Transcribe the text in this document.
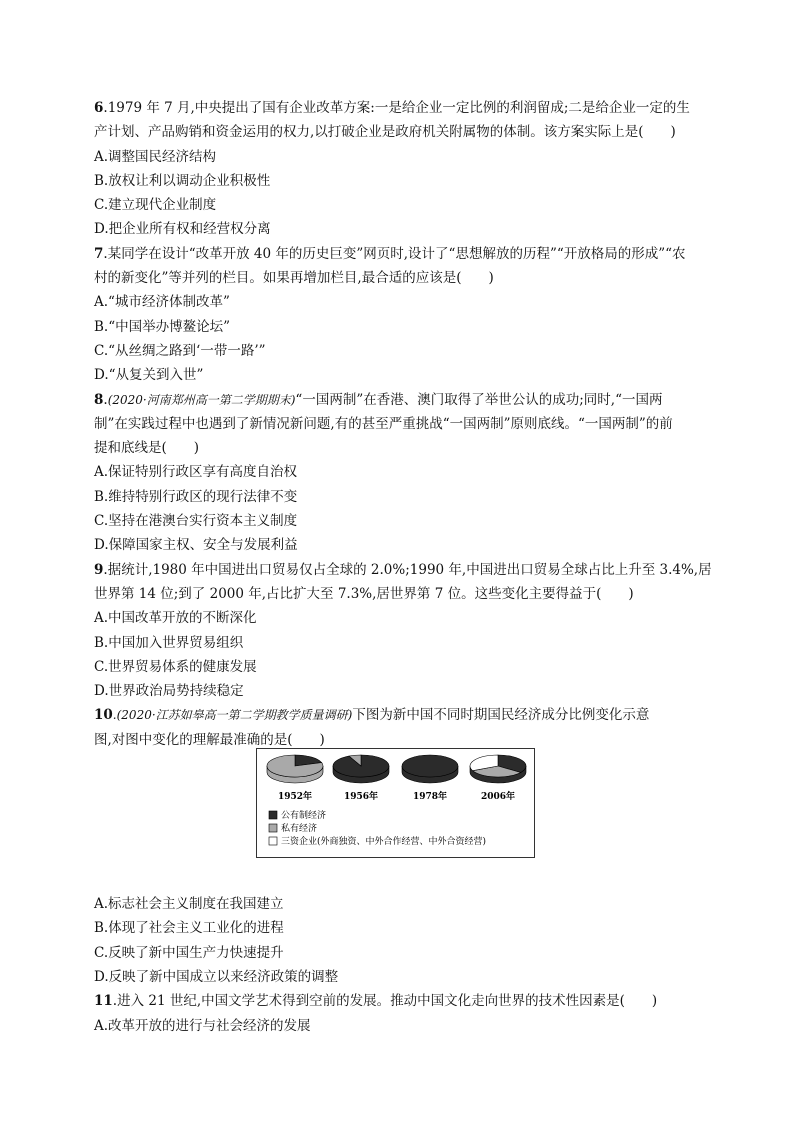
6.1979 年 7 月,中央提出了国有企业改革方案:一是给企业一定比例的利润留成;二是给企业一定的生
产计划、产品购销和资金运用的权力,以打破企业是政府机关附属物的体制。该方案实际上是(　　)
A.调整国民经济结构
B.放权让利以调动企业积极性
C.建立现代企业制度
D.把企业所有权和经营权分离
7.某同学在设计“改革开放 40 年的历史巨变”网页时,设计了“思想解放的历程”“开放格局的形成”“农
村的新变化”等并列的栏目。如果再增加栏目,最合适的应该是(　　)
A.“城市经济体制改革”
B.“中国举办博鳌论坛”
C.“从丝绸之路到‘一带一路’”
D.“从复关到入世”
8.(2020·河南郑州高一第二学期期末)“一国两制”在香港、澳门取得了举世公认的成功;同时,“一国两
制”在实践过程中也遇到了新情况新问题,有的甚至严重挑战“一国两制”原则底线。“一国两制”的前
提和底线是(　　)
A.保证特别行政区享有高度自治权
B.维持特别行政区的现行法律不变
C.坚持在港澳台实行资本主义制度
D.保障国家主权、安全与发展利益
9.据统计,1980 年中国进出口贸易仅占全球的 2.0%;1990 年,中国进出口贸易全球占比上升至 3.4%,居
世界第 14 位;到了 2000 年,占比扩大至 7.3%,居世界第 7 位。这些变化主要得益于(　　)
A.中国改革开放的不断深化
B.中国加入世界贸易组织
C.世界贸易体系的健康发展
D.世界政治局势持续稳定
10.(2020·江苏如皋高一第二学期教学质量调研)下图为新中国不同时期国民经济成分比例变化示意
图,对图中变化的理解最准确的是(　　)
A.标志社会主义制度在我国建立
B.体现了社会主义工业化的进程
C.反映了新中国生产力快速提升
D.反映了新中国成立以来经济政策的调整
11.进入 21 世纪,中国文学艺术得到空前的发展。推动中国文化走向世界的技术性因素是(　　)
A.改革开放的进行与社会经济的发展
1952年	1956年	1978年	2006年
公有制经济
私有经济
三资企业(外商独资、中外合作经营、中外合资经营)
